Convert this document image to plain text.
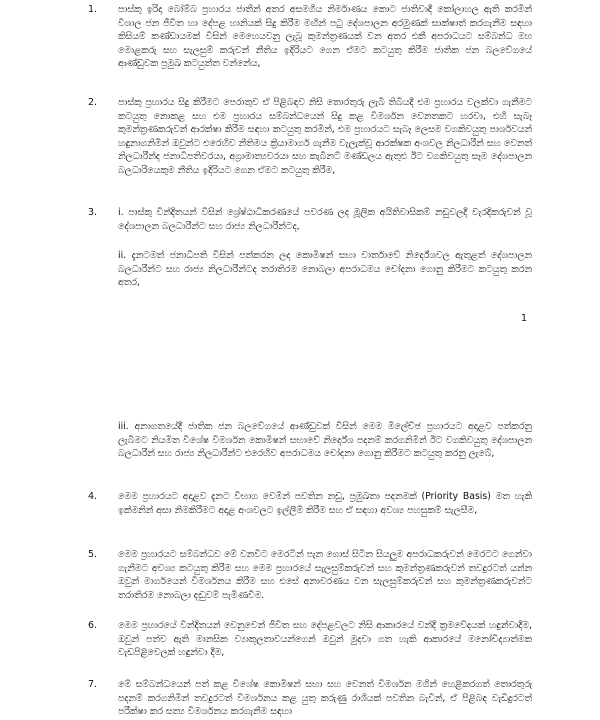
1.	පාස්කු ඉරිදා බෝම්බ ප්‍රහාරය ජාතීන් අතර අසමගිය නිර්මාණය කොට ජාතිවාදී කෝලාහල ඇති කරමින් විශාල ජන ජීවිත හා දේපළ හානියක් සිදු කිරීම මඟින් පටු දේශපාලන අරමුණක් සාක්ෂාත් කරගැනීම සඳහා කිසියම් කණ්ඩායමක් විසින් මෙහෙයවනු ලැබූ කුමන්ත්‍රණයක් වන අතර එකී අපරාධයට සම්බන්ධ මහ මොළකරු සහ සැලසුම් කරුවන් නීතිය ඉදිරියට ගෙන ඒමට කටයුතු කිරීම ජාතික ජන බලවේගයේ ආණ්ඩුවක ප්‍රමුඛ කටයුත්ත වන්නේය,
2.	පාස්කු ප්‍රහාරය සිදු කිරීමට පෙරාතුව ඒ පිළිබඳව නිසි තොරතුරු ලැබී තිබියදී එම ප්‍රහාරය වලක්වා ගැනීමට කටයුතු නොකළ සහ එම ප්‍රහාරය සම්බන්ධයෙන් සිදු කළ විමර්ශන වෙනතකට හරවා, එහි සැබෑ කුමන්ත්‍රණකරුවන් ආරක්ෂා කිරීම සඳහා කටයුතු කරමින්, එම ප්‍රහාරයට සැබෑ ලෙසම වගකිවයුතු පාර්ශවයන් හඳුනාගනිමින් ඔවුන්ට එරෙහිව නීතිමය ක්‍රියාමාර්ග ගැනීම වැලැක්වූ ආරක්ෂක අංශවල නිලධාරීන් සහ වෙනත් නිලධාරීන්ද ජනාධිපතිවරයා, අග්‍රාමාත්‍යවරයා සහ කැබිනට් මණ්ඩලය ඇතුළු ඊට වගකිවයුතු සෑම දේශපාලන බලධාරියෙකුම නීතිය ඉදිරියට ගෙන ඒමට කටයුතු කිරීම,
3.	i. පාස්කු වින්දිතයන් විසින් ශ්‍රේෂ්ඨාධිකරණයේ පවරණ ලද මූලික අයිතිවාසිකම් නඩුවලදී වැරදිකරුවන් වූ දේශපාලන බලධාරීන්ට සහ රාජ්‍ය නිලධාරීන්ටද,
ii. දැනටමත් ජනාධිපති විසින් පත්කරන ලද කොමිෂන් සභා වාර්තාවේ නිර්දේශවල ඇතුළත් දේශපාලන බලධාරීන්ට සහ රාජ්‍ය නිලධාරීන්ටද තරාතිරම නොබලා අපරාධමය චෝදනා ගොනු කිරීමට කටයුතු කරන අතර,
1
iii. අනාගතයේදී ජාතික ජන බලවේගයේ ආණ්ඩුවක් විසින් මෙම මිලේච්ඡ ප්‍රහාරයට අදාළව පත්කරනු ලැබීමට නියමිත විශේෂ විමර්ශන කොමිෂන් සභාවේ නිර්දේශ පදනම් කරගනිමින් ඊට වගකිවයුතු දේශපාලන බලධාරීන් සහ රාජ්‍ය නිලධාරීන්ට එරෙහිව අපරාධමය චෝදනා ගොනු කිරීමට කටයුතු කරනු ලැබේ,
4.	මෙම ප්‍රහාරයට අදාළව දැනට විභාග වෙමින් පවතින නඩු, ප්‍රමුඛතා පදනමක් (Priority Basis) මත හැකි ඉක්මනින් අසා නිමකිරීමට අදාළ අංශවලට ඉල්ලීම් කිරීම සහ ඒ සඳහා අවශ්‍ය පහසුකම් සැලසීම,
5.	මෙම ප්‍රහාරයට සම්බන්ධව මේ වනවිට මෙරටින් පැන ගොස් සිටින සියලුම අපරාධකරුවන් මෙරටට ගෙන්වා ගැනීමට අවශ්‍ය කටයුතු කිරීම සහ මෙම ප්‍රහාරයේ සැලසුම්කරුවන් සහ කුමන්ත්‍රණකරුවන් තවදුරටත් යන්න ඔවුන් මාර්ගයෙන් විමර්ශනය කිරීම සහ එසේ අනාවරණය වන සැලසුම්කරුවන් සහ කුමන්ත්‍රණකරුවන්ට තරාතිරම නොබලා දඬුවම් පැමිණවීම.
6.	මෙම ප්‍රහාරයේ වින්දිතයන් වෙනුවෙන් ජීවිත සහ දේපළවලට නිසි ආකාරයේ වන්දි ක්‍රමවේදයක් හඳුන්වාදීම, ඔවුන් පත්ව ඇති මානසික ව්‍යාකූලතාවයන්ගෙන් ඔවුන් මුදවා ගත හැකි ආකාරයේ මනෝචිද්‍යාත්මක වැඩපිළිවෙලක් හඳුන්වා දීම,
7.	මේ සම්බන්ධයෙන් පත් කළ විශේෂ කොමිෂන් සභා සහ වෙනත් විමර්ශන මගින් හෙළිකරගත් තොරතුරු පදනම් කරගනිමින් තවදුරටත් විමර්ශනය කළ යුතු කරුණු රාශියක් පවතින බැවින්, ඒ පිළිබඳ වැඩිදුරටත් පරීක්ෂා කර සත්‍ය විමර්ශනය කරගැනීම සඳහා
